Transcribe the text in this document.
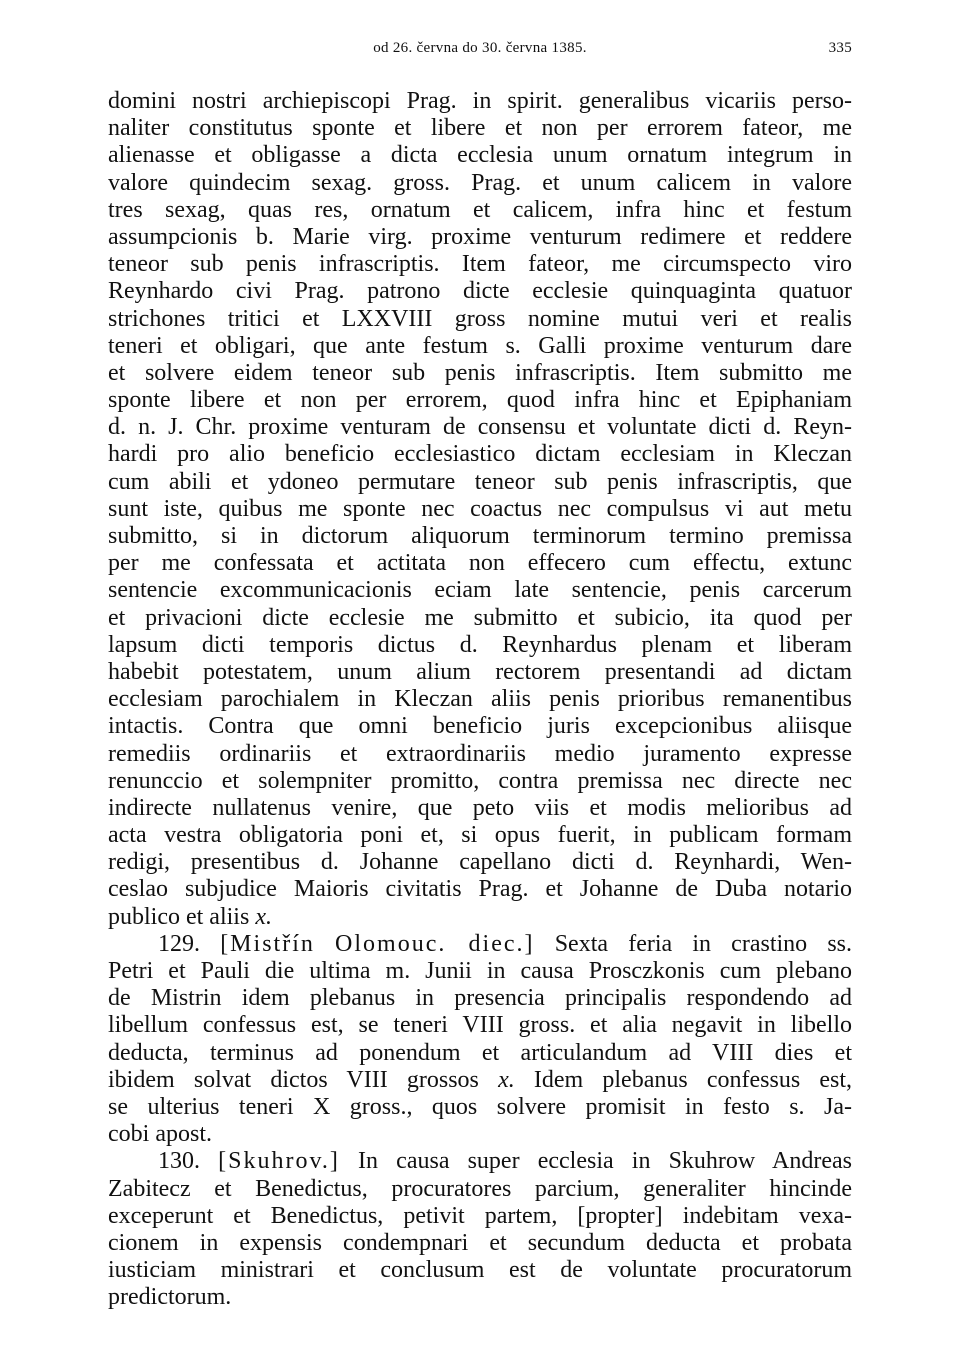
od 26. června do 30. června 1385.	335
domini nostri archiepiscopi Prag. in spirit. generalibus vicariis perso-
naliter constitutus sponte et libere et non per errorem fateor, me
alienasse et obligasse a dicta ecclesia unum ornatum integrum in
valore quindecim sexag. gross. Prag. et unum calicem in valore
tres sexag, quas res, ornatum et calicem, infra hinc et festum
assumpcionis b. Marie virg. proxime venturum redimere et reddere
teneor sub penis infrascriptis. Item fateor, me circumspecto viro
Reynhardo civi Prag. patrono dicte ecclesie quinquaginta quatuor
strichones tritici et LXXVIII gross nomine mutui veri et realis
teneri et obligari, que ante festum s. Galli proxime venturum dare
et solvere eidem teneor sub penis infrascriptis. Item submitto me
sponte libere et non per errorem, quod infra hinc et Epiphaniam
d. n. J. Chr. proxime venturam de consensu et voluntate dicti d. Reyn-
hardi pro alio beneficio ecclesiastico dictam ecclesiam in Kleczan
cum abili et ydoneo permutare teneor sub penis infrascriptis, que
sunt iste, quibus me sponte nec coactus nec compulsus vi aut metu
submitto, si in dictorum aliquorum terminorum termino premissa
per me confessata et actitata non effecero cum effectu, extunc
sentencie excommunicacionis eciam late sentencie, penis carcerum
et privacioni dicte ecclesie me submitto et subicio, ita quod per
lapsum dicti temporis dictus d. Reynhardus plenam et liberam
habebit potestatem, unum alium rectorem presentandi ad dictam
ecclesiam parochialem in Kleczan aliis penis prioribus remanentibus
intactis. Contra que omni beneficio juris excepcionibus aliisque
remediis ordinariis et extraordinariis medio juramento expresse
renunccio et solempniter promitto, contra premissa nec directe nec
indirecte nullatenus venire, que peto viis et modis melioribus ad
acta vestra obligatoria poni et, si opus fuerit, in publicam formam
redigi, presentibus d. Johanne capellano dicti d. Reynhardi, Wen-
ceslao subjudice Maioris civitatis Prag. et Johanne de Duba notario
publico et aliis x.
129. [Mistřín Olomouc. diec.] Sexta feria in crastino ss.
Petri et Pauli die ultima m. Junii in causa Prosczkonis cum plebano
de Mistrin idem plebanus in presencia principalis respondendo ad
libellum confessus est, se teneri VIII gross. et alia negavit in libello
deducta, terminus ad ponendum et articulandum ad VIII dies et
ibidem solvat dictos VIII grossos x. Idem plebanus confessus est,
se ulterius teneri X gross., quos solvere promisit in festo s. Ja-
cobi apost.
130. [Skuhrov.] In causa super ecclesia in Skuhrow Andreas
Zabitecz et Benedictus, procuratores parcium, generaliter hincinde
exceperunt et Benedictus, petivit partem, [propter] indebitam vexa-
cionem in expensis condempnari et secundum deducta et probata
iusticiam ministrari et conclusum est de voluntate procuratorum
predictorum.
